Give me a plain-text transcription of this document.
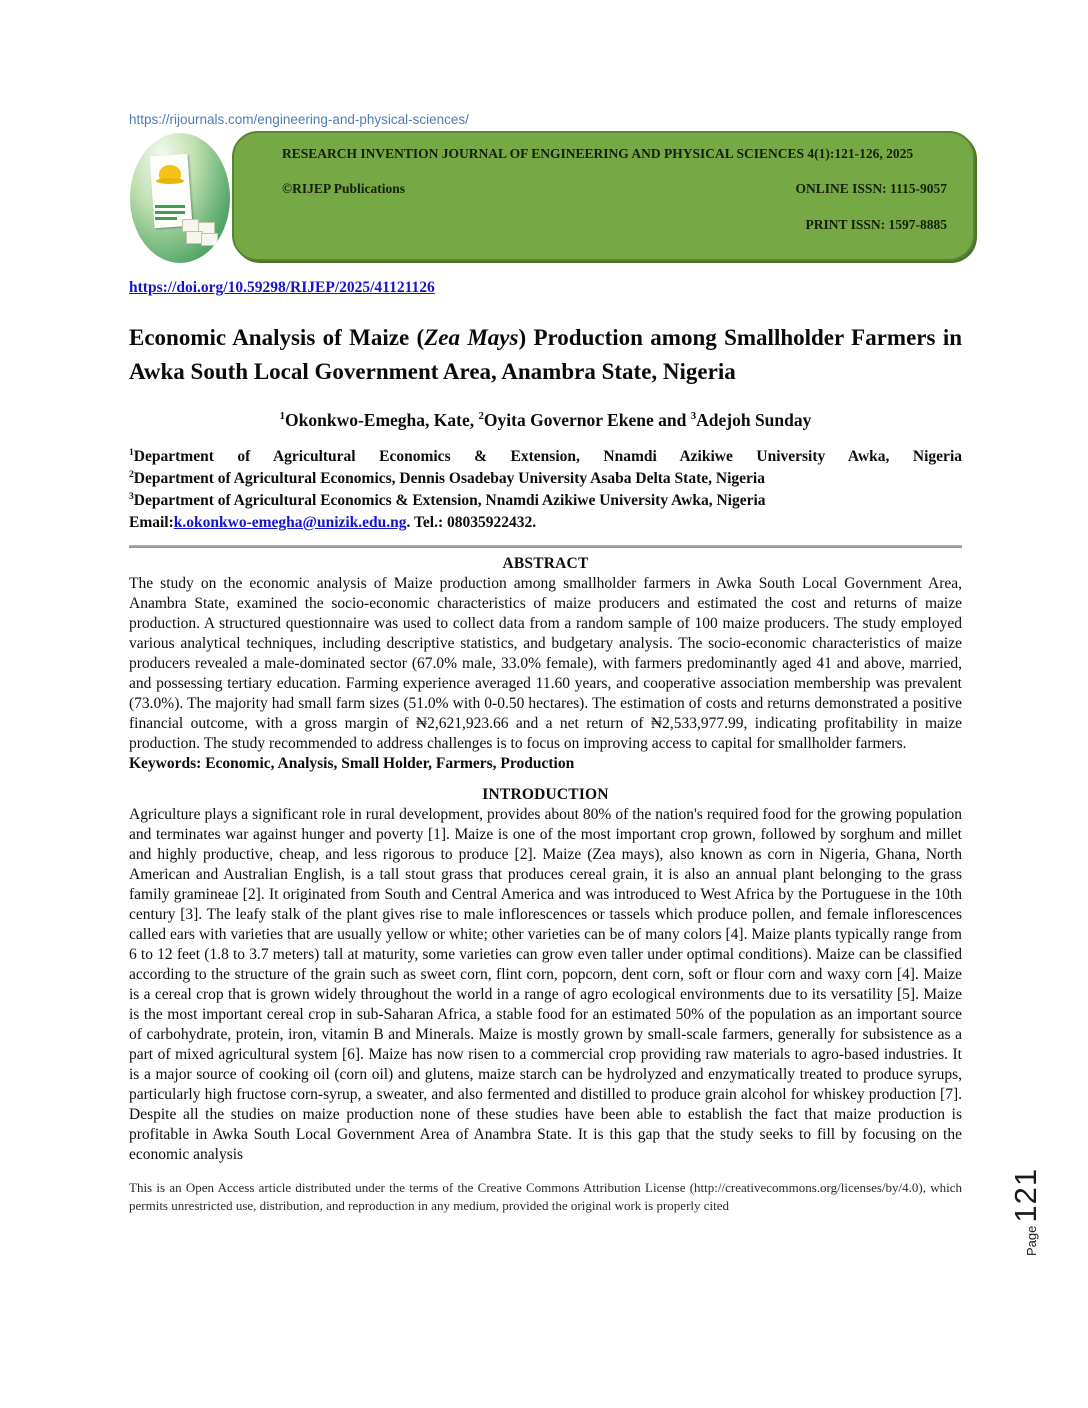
https://rijournals.com/engineering-and-physical-sciences/
RESEARCH INVENTION JOURNAL OF ENGINEERING AND PHYSICAL SCIENCES 4(1):121-126, 2025
©RIJEP Publications	ONLINE ISSN: 1115-9057
PRINT ISSN: 1597-8885
https://doi.org/10.59298/RIJEP/2025/41121126
Economic Analysis of Maize (Zea Mays) Production among Smallholder Farmers in Awka South Local Government Area, Anambra State, Nigeria

$^1$Okonkwo-Emegha, Kate, $^2$Oyita Governor Ekene and $^3$Adejoh Sunday

$^1$Department of Agricultural Economics & Extension, Nnamdi Azikiwe University Awka, Nigeria
$^2$Department of Agricultural Economics, Dennis Osadebay University Asaba Delta State, Nigeria
$^3$Department of Agricultural Economics & Extension, Nnamdi Azikiwe University Awka, Nigeria
Email:k.okonkwo-emegha@unizik.edu.ng. Tel.: 08035922432.
ABSTRACT

The study on the economic analysis of Maize production among smallholder farmers in Awka South Local Government Area, Anambra State, examined the socio-economic characteristics of maize producers and estimated the cost and returns of maize production. A structured questionnaire was used to collect data from a random sample of 100 maize producers. The study employed various analytical techniques, including descriptive statistics, and budgetary analysis. The socio-economic characteristics of maize producers revealed a male-dominated sector (67.0% male, 33.0% female), with farmers predominantly aged 41 and above, married, and possessing tertiary education. Farming experience averaged 11.60 years, and cooperative association membership was prevalent (73.0%). The majority had small farm sizes (51.0% with 0-0.50 hectares). The estimation of costs and returns demonstrated a positive financial outcome, with a gross margin of ₦2,621,923.66 and a net return of ₦2,533,977.99, indicating profitability in maize production. The study recommended to address challenges is to focus on improving access to capital for smallholder farmers.

Keywords: Economic, Analysis, Small Holder, Farmers, Production

INTRODUCTION

Agriculture plays a significant role in rural development, provides about 80% of the nation's required food for the growing population and terminates war against hunger and poverty [1]. Maize is one of the most important crop grown, followed by sorghum and millet and highly productive, cheap, and less rigorous to produce [2]. Maize (Zea mays), also known as corn in Nigeria, Ghana, North American and Australian English, is a tall stout grass that produces cereal grain, it is also an annual plant belonging to the grass family gramineae [2]. It originated from South and Central America and was introduced to West Africa by the Portuguese in the 10th century [3]. The leafy stalk of the plant gives rise to male inflorescences or tassels which produce pollen, and female inflorescences called ears with varieties that are usually yellow or white; other varieties can be of many colors [4]. Maize plants typically range from 6 to 12 feet (1.8 to 3.7 meters) tall at maturity, some varieties can grow even taller under optimal conditions). Maize can be classified according to the structure of the grain such as sweet corn, flint corn, popcorn, dent corn, soft or flour corn and waxy corn [4]. Maize is a cereal crop that is grown widely throughout the world in a range of agro ecological environments due to its versatility [5]. Maize is the most important cereal crop in sub-Saharan Africa, a stable food for an estimated 50% of the population as an important source of carbohydrate, protein, iron, vitamin B and Minerals. Maize is mostly grown by small-scale farmers, generally for subsistence as a part of mixed agricultural system [6]. Maize has now risen to a commercial crop providing raw materials to agro-based industries. It is a major source of cooking oil (corn oil) and glutens, maize starch can be hydrolyzed and enzymatically treated to produce syrups, particularly high fructose corn-syrup, a sweater, and also fermented and distilled to produce grain alcohol for whiskey production [7]. Despite all the studies on maize production none of these studies have been able to establish the fact that maize production is profitable in Awka South Local Government Area of Anambra State. It is this gap that the study seeks to fill by focusing on the economic analysis

This is an Open Access article distributed under the terms of the Creative Commons Attribution License (http://creativecommons.org/licenses/by/4.0), which permits unrestricted use, distribution, and reproduction in any medium, provided the original work is properly cited

Page
121
